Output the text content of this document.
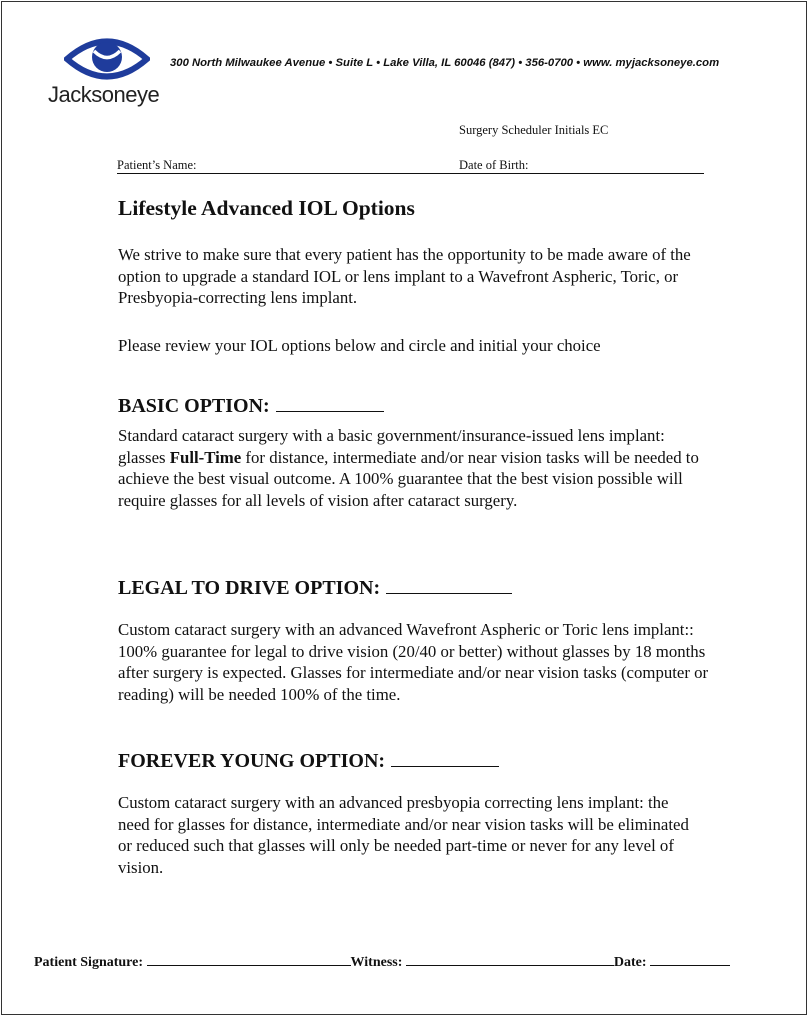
Jacksoneye
300 North Milwaukee Avenue • Suite L • Lake Villa, IL 60046 (847) • 356-0700 • www. myjacksoneye.com
Surgery Scheduler Initials EC
Patient’s Name:	Date of Birth:
Lifestyle Advanced IOL Options
We strive to make sure that every patient has the opportunity to be made aware of the option to upgrade a standard IOL or lens implant to a Wavefront Aspheric, Toric, or Presbyopia-correcting lens implant.
Please review your IOL options below and circle and initial your choice
BASIC OPTION:
Standard cataract surgery with a basic government/insurance-issued lens implant: glasses Full-Time for distance, intermediate and/or near vision tasks will be needed to achieve the best visual outcome. A 100% guarantee that the best vision possible will require glasses for all levels of vision after cataract surgery.
LEGAL TO DRIVE OPTION:
Custom cataract surgery with an advanced Wavefront Aspheric or Toric lens implant:: 100% guarantee for legal to drive vision (20/40 or better) without glasses by 18 months after surgery is expected. Glasses for intermediate and/or near vision tasks (computer or reading) will be needed 100% of the time.
FOREVER YOUNG OPTION:
Custom cataract surgery with an advanced presbyopia correcting lens implant: the need for glasses for distance, intermediate and/or near vision tasks will be eliminated or reduced such that glasses will only be needed part-time or never for any level of vision.
Patient Signature:	Witness:	Date:
